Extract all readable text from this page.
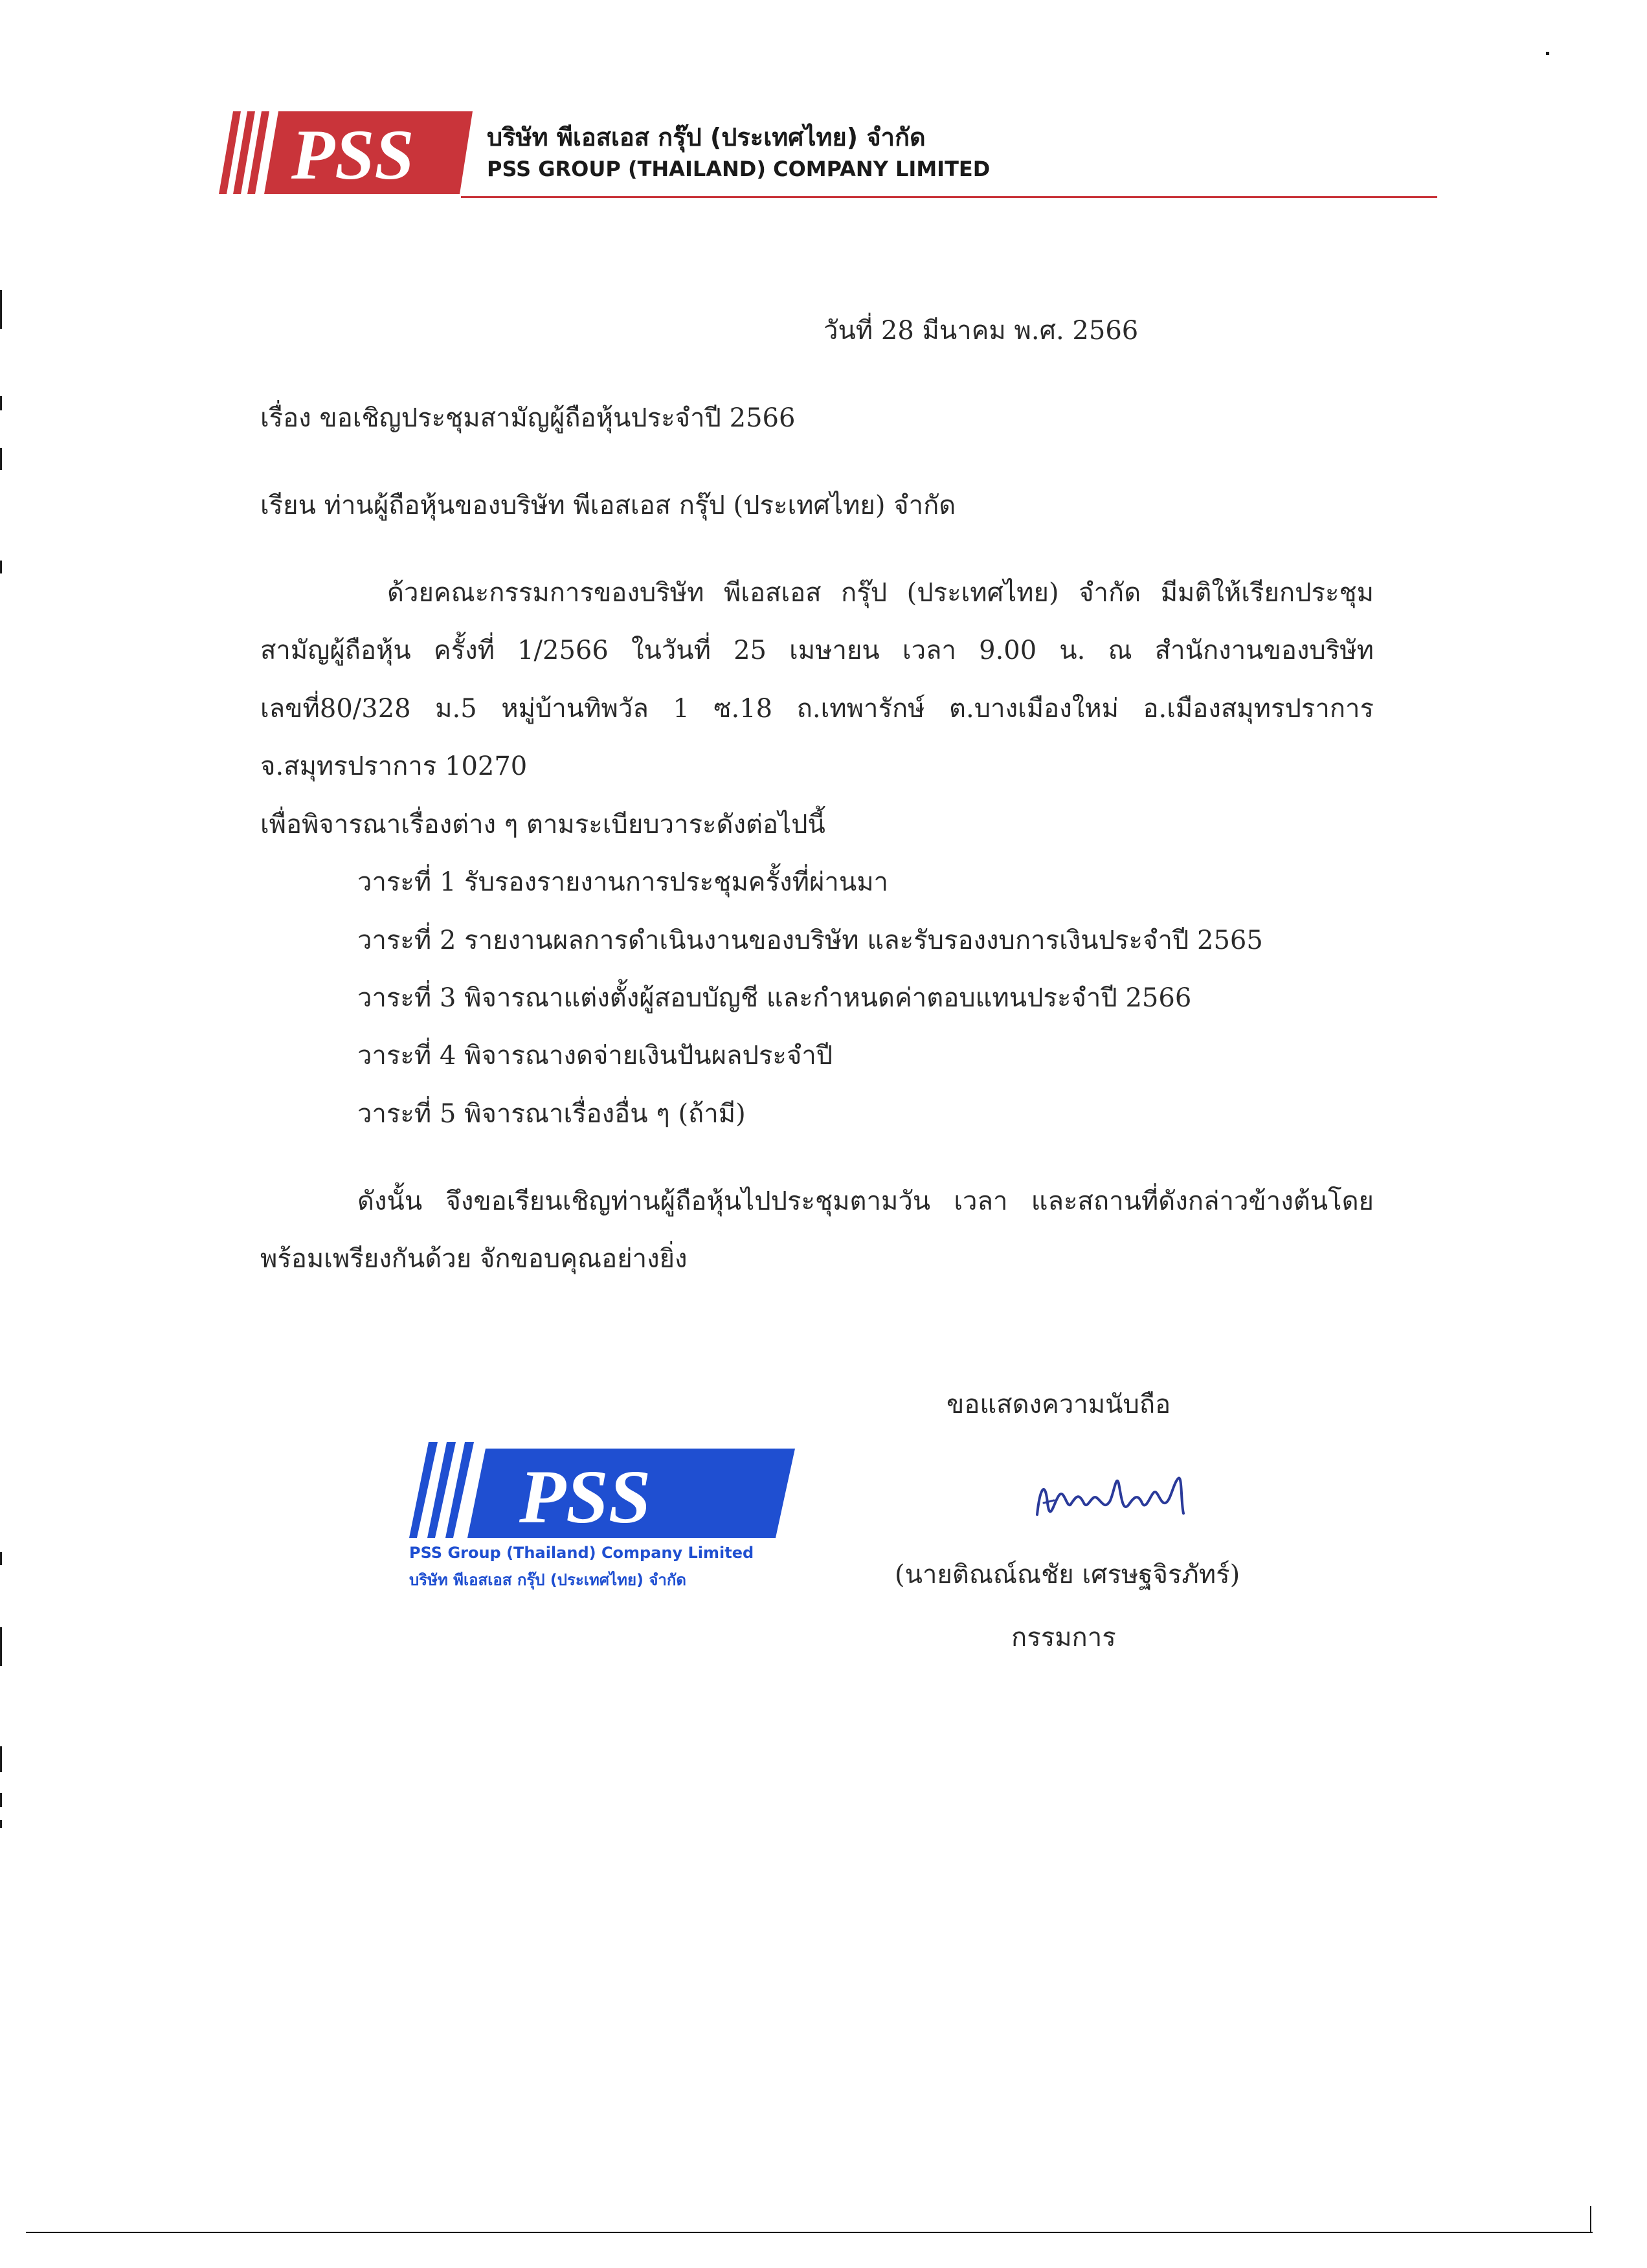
PSS	บริษัท พีเอสเอส กรุ๊ป (ประเทศไทย) จำกัด
PSS GROUP (THAILAND) COMPANY LIMITED
วันที่ 28 มีนาคม พ.ศ. 2566
เรื่อง ขอเชิญประชุมสามัญผู้ถือหุ้นประจำปี 2566
เรียน ท่านผู้ถือหุ้นของบริษัท พีเอสเอส กรุ๊ป (ประเทศไทย) จำกัด
ด้วยคณะกรรมการของบริษัท พีเอสเอส กรุ๊ป (ประเทศไทย) จำกัด มีมติให้เรียกประชุม
สามัญผู้ถือหุ้น ครั้งที่ 1/2566 ในวันที่ 25 เมษายน เวลา 9.00 น. ณ สำนักงานของบริษัท
เลขที่80/328 ม.5 หมู่บ้านทิพวัล 1 ซ.18 ถ.เทพารักษ์ ต.บางเมืองใหม่ อ.เมืองสมุทรปราการ
จ.สมุทรปราการ 10270
เพื่อพิจารณาเรื่องต่าง ๆ ตามระเบียบวาระดังต่อไปนี้
วาระที่ 1 รับรองรายงานการประชุมครั้งที่ผ่านมา
วาระที่ 2 รายงานผลการดำเนินงานของบริษัท และรับรองงบการเงินประจำปี 2565
วาระที่ 3 พิจารณาแต่งตั้งผู้สอบบัญชี และกำหนดค่าตอบแทนประจำปี 2566
วาระที่ 4 พิจารณางดจ่ายเงินปันผลประจำปี
วาระที่ 5 พิจารณาเรื่องอื่น ๆ (ถ้ามี)
ดังนั้น จึงขอเรียนเชิญท่านผู้ถือหุ้นไปประชุมตามวัน เวลา และสถานที่ดังกล่าวข้างต้นโดย
พร้อมเพรียงกันด้วย จักขอบคุณอย่างยิ่ง
ขอแสดงความนับถือ
(นายติณณ์ณชัย เศรษฐจิรภัทร์)
กรรมการ
PSS
PSS Group (Thailand) Company Limited
บริษัท พีเอสเอส กรุ๊ป (ประเทศไทย) จำกัด
